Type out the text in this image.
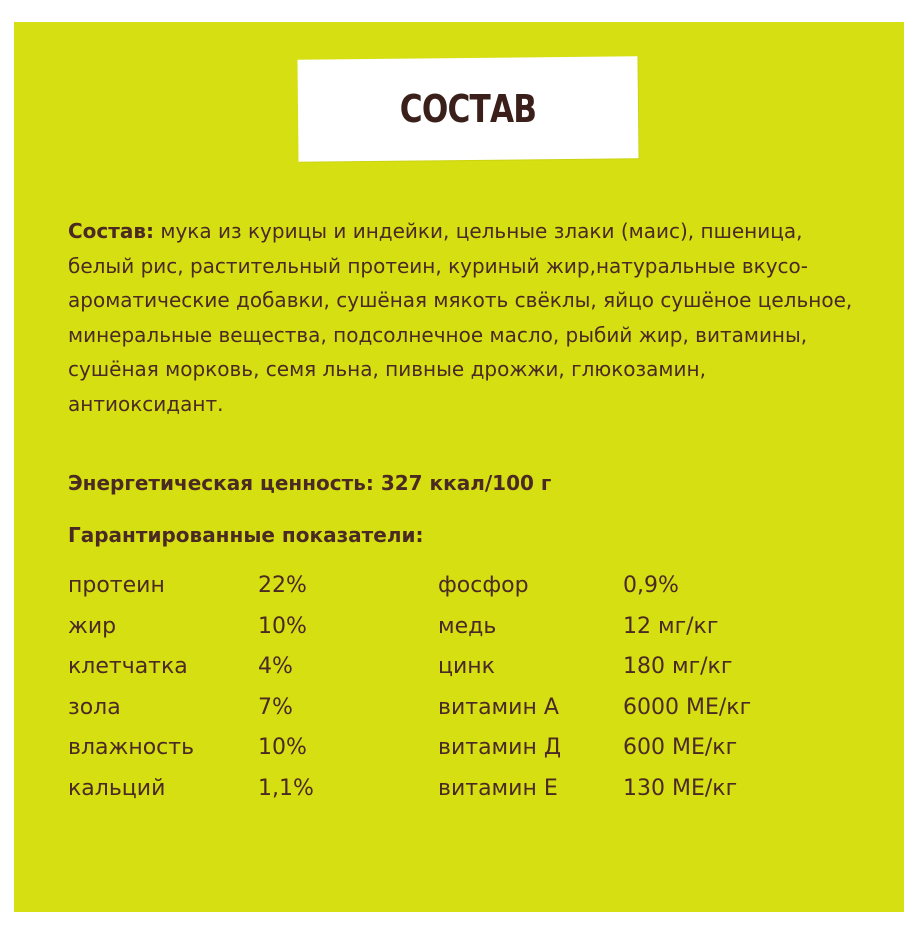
СОСТАВ
Состав: мука из курицы и индейки, цельные злаки (маис), пшеница, белый рис, растительный протеин, куриный жир,натуральные вкусо-ароматические добавки, сушёная мякоть свёклы, яйцо сушёное цельное, минеральные вещества, подсолнечное масло, рыбий жир, витамины, сушёная морковь, семя льна, пивные дрожжи, глюкозамин, антиоксидант.
Энергетическая ценность: 327 ккал/100 г
Гарантированные показатели:
протеин	22%	фосфор	0,9%
жир	10%	медь	12 мг/кг
клетчатка	4%	цинк	180 мг/кг
зола	7%	витамин А	6000 МЕ/кг
влажность	10%	витамин Д	600 МЕ/кг
кальций	1,1%	витамин Е	130 МЕ/кг
